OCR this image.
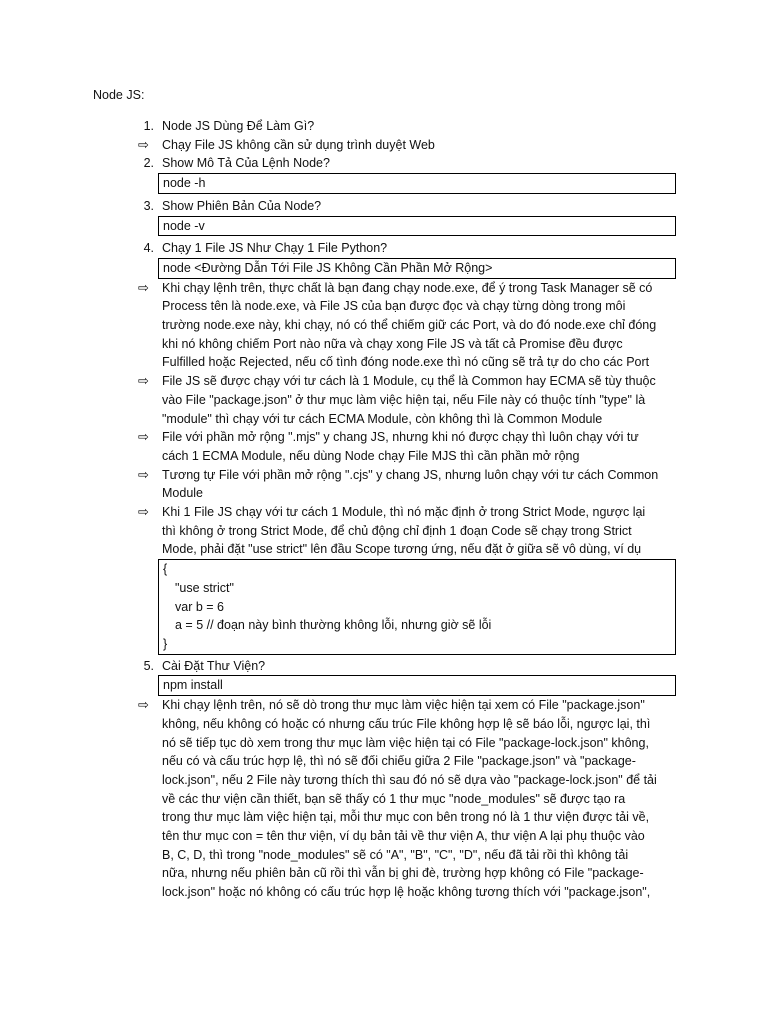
Node JS:
1. Node JS Dùng Để Làm Gì?
⇨ Chạy File JS không cần sử dụng trình duyệt Web
2. Show Mô Tả Của Lệnh Node?
node -h
3. Show Phiên Bản Của Node?
node -v
4. Chạy 1 File JS Như Chạy 1 File Python?
node <Đường Dẫn Tới File JS Không Cần Phần Mở Rộng>
⇨ Khi chạy lệnh trên, thực chất là bạn đang chạy node.exe, để ý trong Task Manager sẽ có
Process tên là node.exe, và File JS của bạn được đọc và chạy từng dòng trong môi
trường node.exe này, khi chạy, nó có thể chiếm giữ các Port, và do đó node.exe chỉ đóng
khi nó không chiếm Port nào nữa và chạy xong File JS và tất cả Promise đều được
Fulfilled hoặc Rejected, nếu cố tình đóng node.exe thì nó cũng sẽ trả tự do cho các Port
⇨ File JS sẽ được chạy với tư cách là 1 Module, cụ thể là Common hay ECMA sẽ tùy thuộc
vào File "package.json" ở thư mục làm việc hiện tại, nếu File này có thuộc tính "type" là
"module" thì chạy với tư cách ECMA Module, còn không thì là Common Module
⇨ File với phần mở rộng ".mjs" y chang JS, nhưng khi nó được chạy thì luôn chạy với tư
cách 1 ECMA Module, nếu dùng Node chạy File MJS thì cần phần mở rộng
⇨ Tương tự File với phần mở rộng ".cjs" y chang JS, nhưng luôn chạy với tư cách Common
Module
⇨ Khi 1 File JS chạy với tư cách 1 Module, thì nó mặc định ở trong Strict Mode, ngược lại
thì không ở trong Strict Mode, để chủ động chỉ định 1 đoạn Code sẽ chạy trong Strict
Mode, phải đặt "use strict" lên đầu Scope tương ứng, nếu đặt ở giữa sẽ vô dùng, ví dụ
{
"use strict"
var b = 6
a = 5 // đoạn này bình thường không lỗi, nhưng giờ sẽ lỗi
}
5. Cài Đặt Thư Viện?
npm install
⇨ Khi chạy lệnh trên, nó sẽ dò trong thư mục làm việc hiện tại xem có File "package.json"
không, nếu không có hoặc có nhưng cấu trúc File không hợp lệ sẽ báo lỗi, ngược lại, thì
nó sẽ tiếp tục dò xem trong thư mục làm việc hiện tại có File "package-lock.json" không,
nếu có và cấu trúc hợp lệ, thì nó sẽ đối chiếu giữa 2 File "package.json" và "package-
lock.json", nếu 2 File này tương thích thì sau đó nó sẽ dựa vào "package-lock.json" để tải
về các thư viện cần thiết, bạn sẽ thấy có 1 thư mục "node_modules" sẽ được tạo ra
trong thư mục làm việc hiện tại, mỗi thư mục con bên trong nó là 1 thư viện được tải về,
tên thư mục con = tên thư viện, ví dụ bản tải về thư viện A, thư viện A lại phụ thuộc vào
B, C, D, thì trong "node_modules" sẽ có "A", "B", "C", "D", nếu đã tải rồi thì không tải
nữa, nhưng nếu phiên bản cũ rồi thì vẫn bị ghi đè, trường hợp không có File "package-
lock.json" hoặc nó không có cấu trúc hợp lệ hoặc không tương thích với "package.json",
